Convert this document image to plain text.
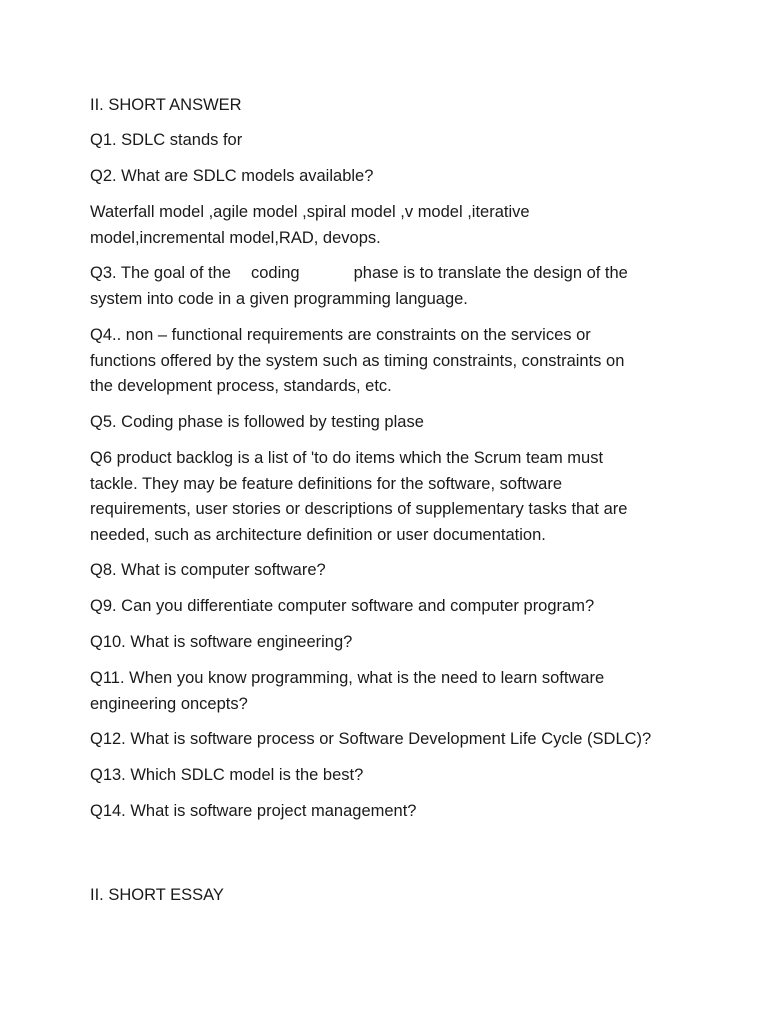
II. SHORT ANSWER

Q1. SDLC stands for

Q2. What are SDLC models available?

Waterfall model ,agile model ,spiral model ,v model ,iterative
model,incremental model,RAD, devops.

Q3. The goal of the coding	phase is to translate the design of the
system into code in a given programming language.

Q4.. non – functional requirements are constraints on the services or
functions offered by the system such as timing constraints, constraints on
the development process, standards, etc.

Q5. Coding phase is followed by testing plase

Q6 product backlog is a list of 'to do items which the Scrum team must
tackle. They may be feature definitions for the software, software
requirements, user stories or descriptions of supplementary tasks that are
needed, such as architecture definition or user documentation.

Q8. What is computer software?

Q9. Can you differentiate computer software and computer program?

Q10. What is software engineering?

Q11. When you know programming, what is the need to learn software
engineering oncepts?

Q12. What is software process or Software Development Life Cycle (SDLC)?

Q13. Which SDLC model is the best?

Q14. What is software project management?

II. SHORT ESSAY
